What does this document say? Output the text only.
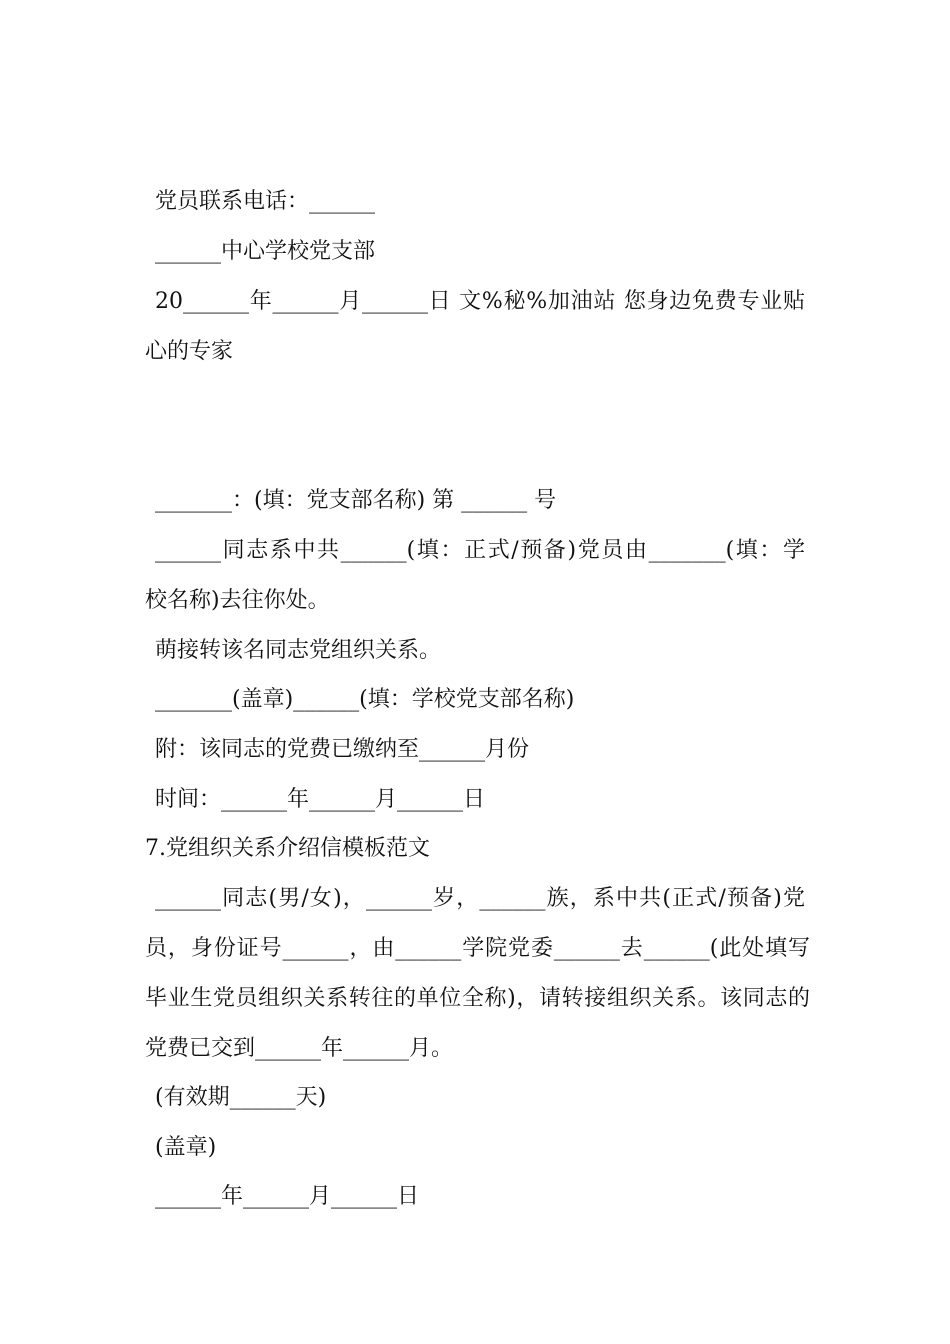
党员联系电话：______
______中心学校党支部
20______年______月______日 文%秘%加油站 您身边免费专业贴
心的专家
_______：(填：党支部名称) 第 ______ 号
______同志系中共______(填：正式/预备)党员由_______(填：学
校名称)去往你处。
萌接转该名同志党组织关系。
_______(盖章)______(填：学校党支部名称)
附：该同志的党费已缴纳至______月份
时间：______年______月______日
7.党组织关系介绍信模板范文
______同志(男/女)，______岁，______族，系中共(正式/预备)党
员，身份证号______，由______学院党委______去______(此处填写
毕业生党员组织关系转往的单位全称)，请转接组织关系。该同志的
党费已交到______年______月。
(有效期______天)
(盖章)
______年______月______日
